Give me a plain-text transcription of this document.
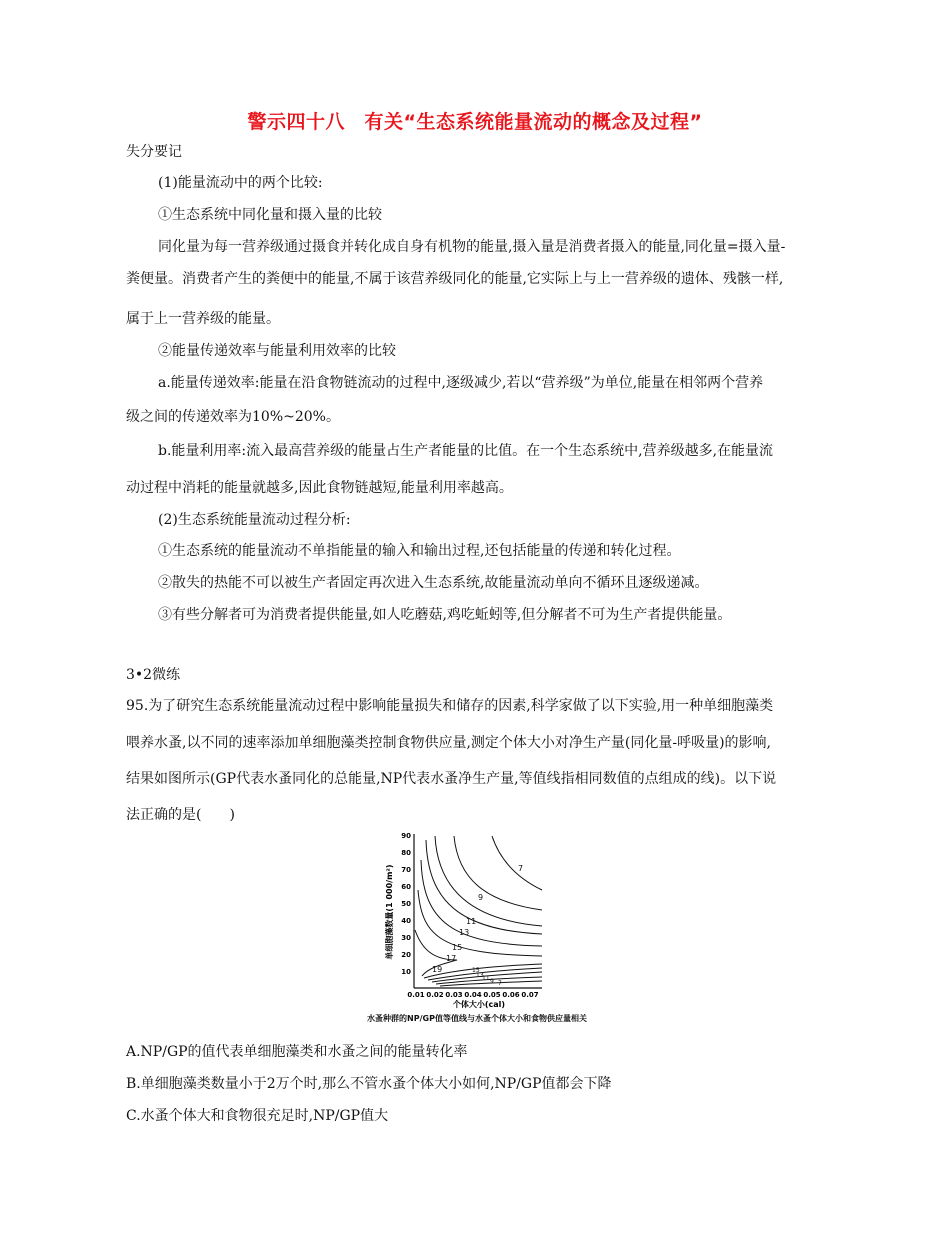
警示四十八　有关“生态系统能量流动的概念及过程”
失分要记
(1)能量流动中的两个比较:
①生态系统中同化量和摄入量的比较
同化量为每一营养级通过摄食并转化成自身有机物的能量,摄入量是消费者摄入的能量,同化量=摄入量-
粪便量。消费者产生的粪便中的能量,不属于该营养级同化的能量,它实际上与上一营养级的遗体、残骸一样,
属于上一营养级的能量。
②能量传递效率与能量利用效率的比较
a.能量传递效率:能量在沿食物链流动的过程中,逐级减少,若以“营养级”为单位,能量在相邻两个营养
级之间的传递效率为10%~20%。
b.能量利用率:流入最高营养级的能量占生产者能量的比值。在一个生态系统中,营养级越多,在能量流
动过程中消耗的能量就越多,因此食物链越短,能量利用率越高。
(2)生态系统能量流动过程分析:
①生态系统的能量流动不单指能量的输入和输出过程,还包括能量的传递和转化过程。
②散失的热能不可以被生产者固定再次进入生态系统,故能量流动单向不循环且逐级递减。
③有些分解者可为消费者提供能量,如人吃蘑菇,鸡吃蚯蚓等,但分解者不可为生产者提供能量。
3•2微练
95.为了研究生态系统能量流动过程中影响能量损失和储存的因素,科学家做了以下实验,用一种单细胞藻类
喂养水蚤,以不同的速率添加单细胞藻类控制食物供应量,测定个体大小对净生产量(同化量-呼吸量)的影响,
结果如图所示(GP代表水蚤同化的总能量,NP代表水蚤净生产量,等值线指相同数值的点组成的线)。以下说
法正确的是(　　)
单细胞藻数量(1 000/m²)
90
80
70
60
50
40
30
20
10
0.01 0.02 0.03 0.04 0.05 0.06 0.07
个体大小(cal)
7
9
11
13
15
17
19	15
13
11 9 7
水蚤种群的NP/GP值等值线与水蚤个体大小和食物供应量相关
A.NP/GP的值代表单细胞藻类和水蚤之间的能量转化率
B.单细胞藻类数量小于2万个时,那么不管水蚤个体大小如何,NP/GP值都会下降
C.水蚤个体大和食物很充足时,NP/GP值大
